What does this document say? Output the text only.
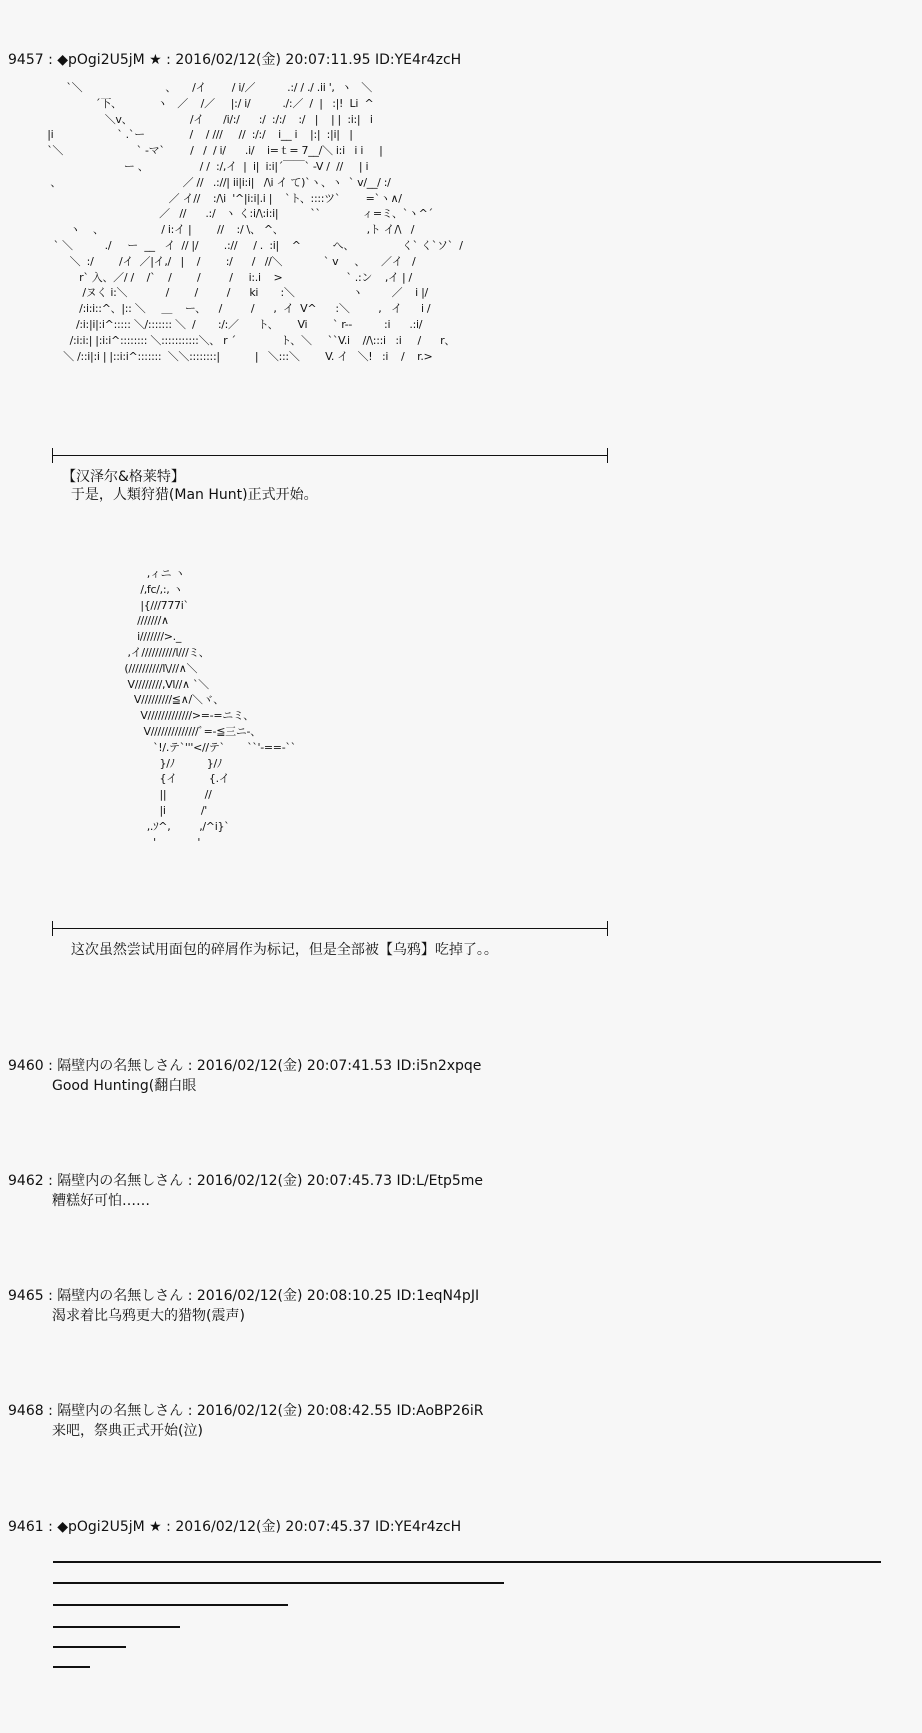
9457 : ◆pOgi2U5jM ★ : 2016/02/12(金) 20:07:11.95 ID:YE4r4zcH
`＼                          、     /イ        / i/／          .:/ / ./ .ii ',  ヽ   ＼
´下、           ヽ   ／    /／     |:/ i/          ./:／  /  |   :|!  Li  ^
＼v、                  /イ      /i/:/      :/  :/:/    :/   |    | |  :i:|   i
|i                    ` .`ー              /    / ///     //  :/:/    i__ i    |:|  :|i|   |
`＼                       ` -マ`        /   /  / i/      .i/    i=ｔ= 7__/＼ i:i   i i     |
ー 、                / /  :/,イ  |  i|  i:i|´￣￣` -V /  //     | i
、                                      ／ //   .://| ii|i:i|   /\i イ て)`ヽ、ヽ  ` v/__/ :/
／ イ//    :/\i  '^|i:i|.i |    `ト、::::ツ`        =`ヽ∧/
／   //      .:/   ヽ く:i/\:i:i|          ``             ィ=ミ、`ヽ^´
ヽ    、                  / i:イ |        //    :/ \、 ^、                          ,ト イ/\   /
` ＼          ./     ー  __   イ  // |/        .://     / .  :i|    ^          へ、               く` く`ソ`  /
＼  :/        /イ  ／|イ,/   |    /        :/      /   //＼             ` v     、     ／イ   /
r` 入、／/ /    /`    /        /         /     i:.i    >                    ` .:ン    ,イ | /
/ヌく i:＼            /        /         /      ki       :＼                  ヽ         ／    i |/
/:i:i::^、|:: ＼     ＿    ー、    /         /      ,  イ  V^      :＼         ,   イ      i /
/:i:|i|:i^::::: ＼/::::::: ＼  /       :/:／      ト、      Vi        ` r--          :i      .:i/
/:i:i:| |:i:i^:::::::: ＼:::::::::::＼、 r ´              ト、＼     ``V.i    //\:::i   :i     /      r、
＼ /::i|:i | |::i:i^:::::::  ＼＼::::::::|           |   ＼:::＼        V. イ   ＼!   :i    /    r.>
【汉泽尔&格莱特】
于是，人類狩猎(Man Hunt)正式开始。
,ィニ ヽ
/,fc/,:, ヽ
|{///777i`
///////∧
i///////>._
,イ//////////l///ミ、
(//////////l\///∧＼
V////////,Vl//∧ `＼
V/////////≦∧/＼ヾ、
V/////////////>=-=ニミ、
V//////////////ﾞ=-≦三ニ-、
`!/.テ`'''<//テ`       ``'-==-``
}/ﾉ          }/ﾉ
{イ          {.イ
||            //
|i           /'
,.ｿ^,         ,/^i}`
'             '
这次虽然尝试用面包的碎屑作为标记，但是全部被【乌鸦】吃掉了。。
9460 : 隔壁内の名無しさん : 2016/02/12(金) 20:07:41.53 ID:i5n2xpqe
Good Hunting(翻白眼
9462 : 隔壁内の名無しさん : 2016/02/12(金) 20:07:45.73 ID:L/Etp5me
糟糕好可怕……
9465 : 隔壁内の名無しさん : 2016/02/12(金) 20:08:10.25 ID:1eqN4pJI
渴求着比乌鸦更大的猎物(震声)
9468 : 隔壁内の名無しさん : 2016/02/12(金) 20:08:42.55 ID:AoBP26iR
来吧，祭典正式开始(泣)
9461 : ◆pOgi2U5jM ★ : 2016/02/12(金) 20:07:45.37 ID:YE4r4zcH
